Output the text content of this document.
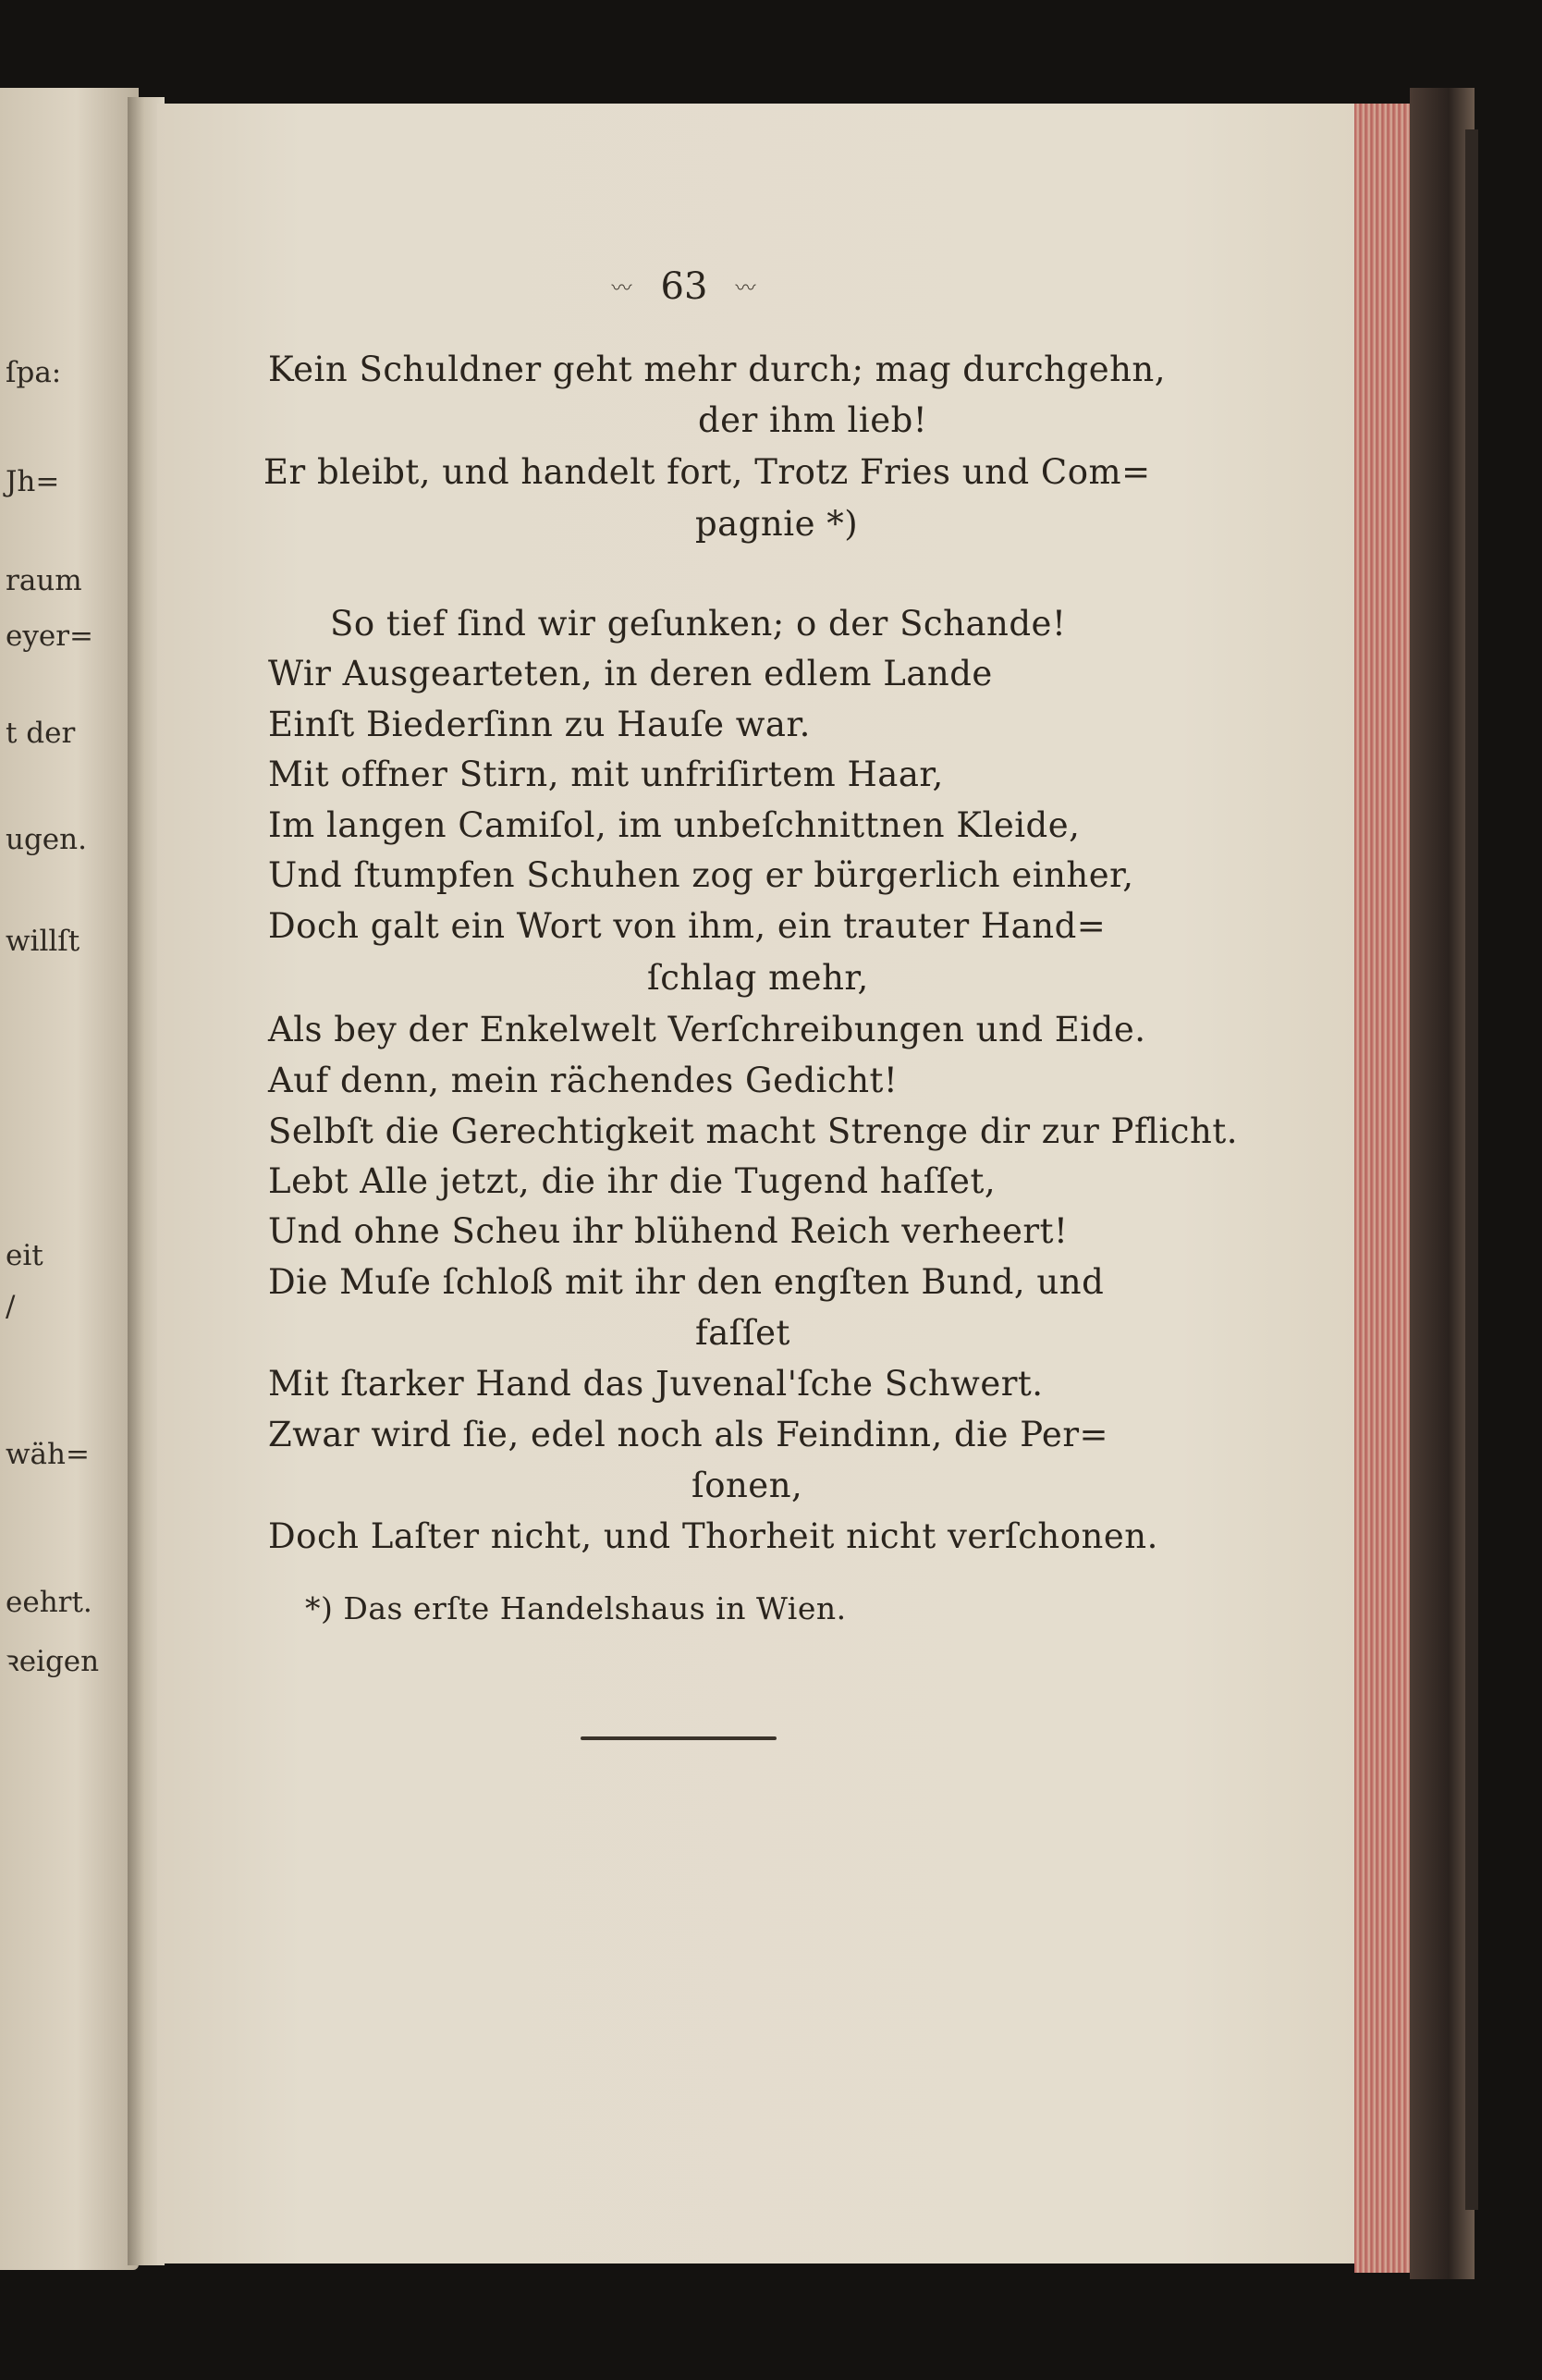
ſpa:
Jh=
raum
eyer=
t der
ugen.
willſt
eit
/
wäh=
eehrt.
ꝛeigen
〰 63 〰
Kein Schuldner geht mehr durch; mag durchgehn,
der ihm lieb!
Er bleibt, und handelt fort, Trotz Fries und Com=
pagnie *)
So tief ſind wir geſunken; o der Schande!
Wir Ausgearteten, in deren edlem Lande
Einſt Biederſinn zu Hauſe war.
Mit offner Stirn, mit unfriſirtem Haar,
Im langen Camiſol, im unbeſchnittnen Kleide,
Und ſtumpfen Schuhen zog er bürgerlich einher,
Doch galt ein Wort von ihm, ein trauter Hand=
ſchlag mehr,
Als bey der Enkelwelt Verſchreibungen und Eide.
Auf denn, mein rächendes Gedicht!
Selbſt die Gerechtigkeit macht Strenge dir zur Pflicht.
Lebt Alle jetzt, die ihr die Tugend haſſet,
Und ohne Scheu ihr blühend Reich verheert!
Die Muſe ſchloß mit ihr den engſten Bund, und
faſſet
Mit ſtarker Hand das Juvenal'ſche Schwert.
Zwar wird ſie, edel noch als Feindinn, die Per=
ſonen,
Doch Laſter nicht, und Thorheit nicht verſchonen.
*) Das erſte Handelshaus in Wien.
